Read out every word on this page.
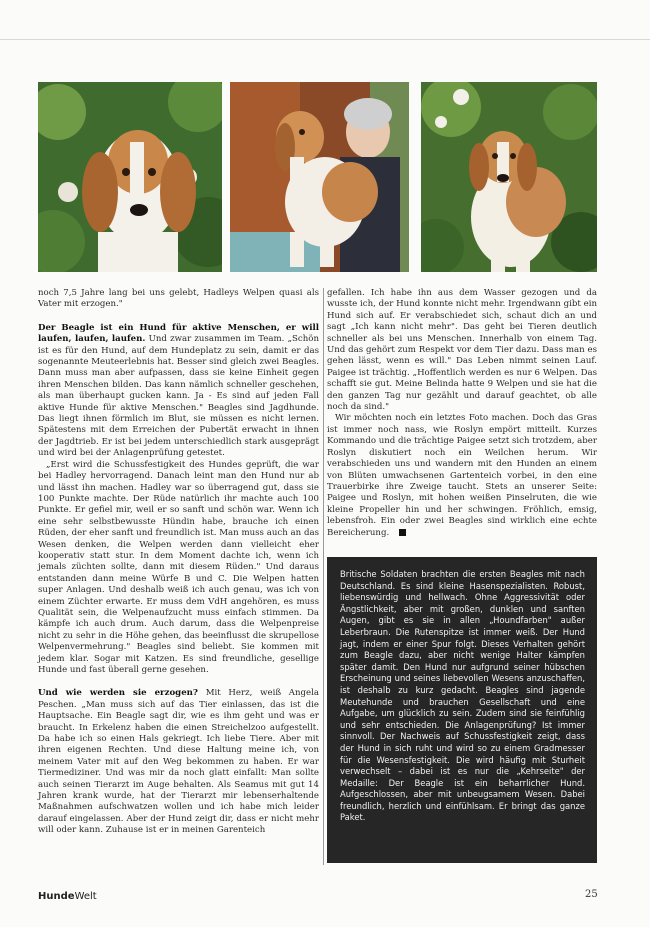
noch 7,5 Jahre lang bei uns gelebt, Hadleys Welpen quasi als Vater mit erzogen."

Der Beagle ist ein Hund für aktive Menschen, er will laufen, laufen, laufen. Und zwar zusammen im Team. „Schön ist es für den Hund, auf dem Hundeplatz zu sein, damit er das sogenannte Meuteerlebnis hat. Besser sind gleich zwei Beagles. Dann muss man aber aufpassen, dass sie keine Einheit gegen ihren Menschen bilden. Das kann nämlich schneller geschehen, als man überhaupt gucken kann. Ja - Es sind auf jeden Fall aktive Hunde für aktive Menschen." Beagles sind Jagdhunde. Das liegt ihnen förmlich im Blut, sie müssen es nicht lernen. Spätestens mit dem Erreichen der Pubertät erwacht in ihnen der Jagdtrieb. Er ist bei jedem unterschiedlich stark ausgeprägt und wird bei der Anlagenprüfung getestet.

„Erst wird die Schussfestigkeit des Hundes geprüft, die war bei Hadley hervorragend. Danach leint man den Hund nur ab und lässt ihn machen. Hadley war so überragend gut, dass sie 100 Punkte machte. Der Rüde natürlich ihr machte auch 100 Punkte. Er gefiel mir, weil er so sanft und schön war. Wenn ich eine sehr selbstbewusste Hündin habe, brauche ich einen Rüden, der eher sanft und freundlich ist. Man muss auch an das Wesen denken, die Welpen werden dann vielleicht eher kooperativ statt stur. In dem Moment dachte ich, wenn ich jemals züchten sollte, dann mit diesem Rüden." Und daraus entstanden dann meine Würfe B und C. Die Welpen hatten super Anlagen. Und deshalb weiß ich auch genau, was ich von einem Züchter erwarte. Er muss dem VdH angehören, es muss Qualität sein, die Welpenaufzucht muss einfach stimmen. Da kämpfe ich auch drum. Auch darum, dass die Welpenpreise nicht zu sehr in die Höhe gehen, das beeinflusst die skrupellose Welpenvermehrung." Beagles sind beliebt. Sie kommen mit jedem klar. Sogar mit Katzen. Es sind freundliche, gesellige Hunde und fast überall gerne gesehen.

Und wie werden sie erzogen? Mit Herz, weiß Angela Peschen. „Man muss sich auf das Tier einlassen, das ist die Hauptsache. Ein Beagle sagt dir, wie es ihm geht und was er braucht. In Erkelenz haben die einen Streichelzoo aufgestellt. Da habe ich so einen Hals gekriegt. Ich liebe Tiere. Aber mit ihren eigenen Rechten. Und diese Haltung meine ich, von meinem Vater mit auf den Weg bekommen zu haben. Er war Tiermediziner. Und was mir da noch glatt einfallt: Man sollte auch seinen Tierarzt im Auge behalten. Als Seamus mit gut 14 Jahren krank wurde, hat der Tierarzt mir lebenserhaltende Maßnahmen aufschwatzen wollen und ich habe mich leider darauf eingelassen. Aber der Hund zeigt dir, dass er nicht mehr will oder kann. Zuhause ist er in meinen Garenteich

gefallen. Ich habe ihn aus dem Wasser gezogen und da wusste ich, der Hund konnte nicht mehr. Irgendwann gibt ein Hund sich auf. Er verabschiedet sich, schaut dich an und sagt „Ich kann nicht mehr". Das geht bei Tieren deutlich schneller als bei uns Menschen. Innerhalb von einem Tag. Und das gehört zum Respekt vor dem Tier dazu. Dass man es gehen lässt, wenn es will." Das Leben nimmt seinen Lauf. Paigee ist trächtig. „Hoffentlich werden es nur 6 Welpen. Das schafft sie gut. Meine Belinda hatte 9 Welpen und sie hat die den ganzen Tag nur gezählt und darauf geachtet, ob alle noch da sind."

Wir möchten noch ein letztes Foto machen. Doch das Gras ist immer noch nass, wie Roslyn empört mitteilt. Kurzes Kommando und die trächtige Paigee setzt sich trotzdem, aber Roslyn diskutiert noch ein Weilchen herum. Wir verabschieden uns und wandern mit den Hunden an einem von Blüten umwachsenen Gartenteich vorbei, in den eine Trauerbirke ihre Zweige taucht. Stets an unserer Seite: Paigee und Roslyn, mit hohen weißen Pinselruten, die wie kleine Propeller hin und her schwingen. Fröhlich, emsig, lebensfroh. Ein oder zwei Beagles sind wirklich eine echte Bereicherung.

Britische Soldaten brachten die ersten Beagles mit nach Deutschland. Es sind kleine Hasenspezialisten. Robust, liebenswürdig und hellwach. Ohne Aggressivität oder Ängstlichkeit, aber mit großen, dunklen und sanften Augen, gibt es sie in allen „Houndfarben" außer Leberbraun. Die Rutenspitze ist immer weiß. Der Hund jagt, indem er einer Spur folgt. Dieses Verhalten gehört zum Beagle dazu, aber nicht wenige Halter kämpfen später damit. Den Hund nur aufgrund seiner hübschen Erscheinung und seines liebevollen Wesens anzuschaffen, ist deshalb zu kurz gedacht. Beagles sind jagende Meutehunde und brauchen Gesellschaft und eine Aufgabe, um glücklich zu sein. Zudem sind sie feinfühlig und sehr entschieden. Die Anlagenprüfung? Ist immer sinnvoll. Der Nachweis auf Schussfestigkeit zeigt, dass der Hund in sich ruht und wird so zu einem Gradmesser für die Wesensfestigkeit. Die wird häufig mit Sturheit verwechselt – dabei ist es nur die „Kehrseite" der Medaille: Der Beagle ist ein beharrlicher Hund. Aufgeschlossen, aber mit unbeugsamem Wesen. Dabei freundlich, herzlich und einfühlsam. Er bringt das ganze Paket.

HundeWelt	25
